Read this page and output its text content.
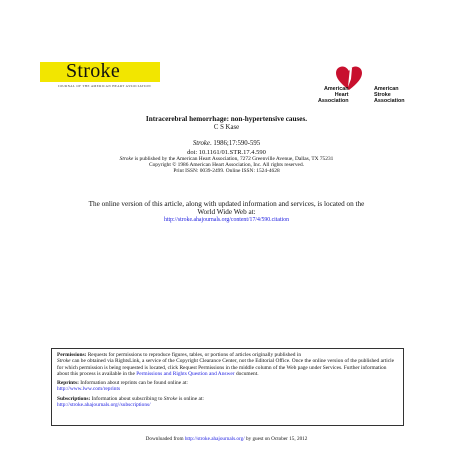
Stroke
JOURNAL OF THE AMERICAN HEART ASSOCIATION	American
Heart
Association
American
Stroke
Association
Intracerebral hemorrhage: non-hypertensive causes.
C S Kase
Stroke. 1986;17:590-595
doi: 10.1161/01.STR.17.4.590
Stroke is published by the American Heart Association, 7272 Greenville Avenue, Dallas, TX 75231
Copyright © 1986 American Heart Association, Inc. All rights reserved.
Print ISSN: 0039-2499. Online ISSN: 1524-4628
The online version of this article, along with updated information and services, is located on the
World Wide Web at:
http://stroke.ahajournals.org/content/17/4/590.citation

Permissions: Requests for permissions to reproduce figures, tables, or portions of articles originally published in
Stroke can be obtained via RightsLink, a service of the Copyright Clearance Center, not the Editorial Office. Once the online version of the published article for which permission is being requested is located, click Request Permissions in the middle column of the Web page under Services. Further information about this process is available in the Permissions and Rights Question and Answer document.

Reprints: Information about reprints can be found online at:
http://www.lww.com/reprints

Subscriptions: Information about subscribing to Stroke is online at:
http://stroke.ahajournals.org//subscriptions/

Downloaded from http://stroke.ahajournals.org/ by guest on October 15, 2012
